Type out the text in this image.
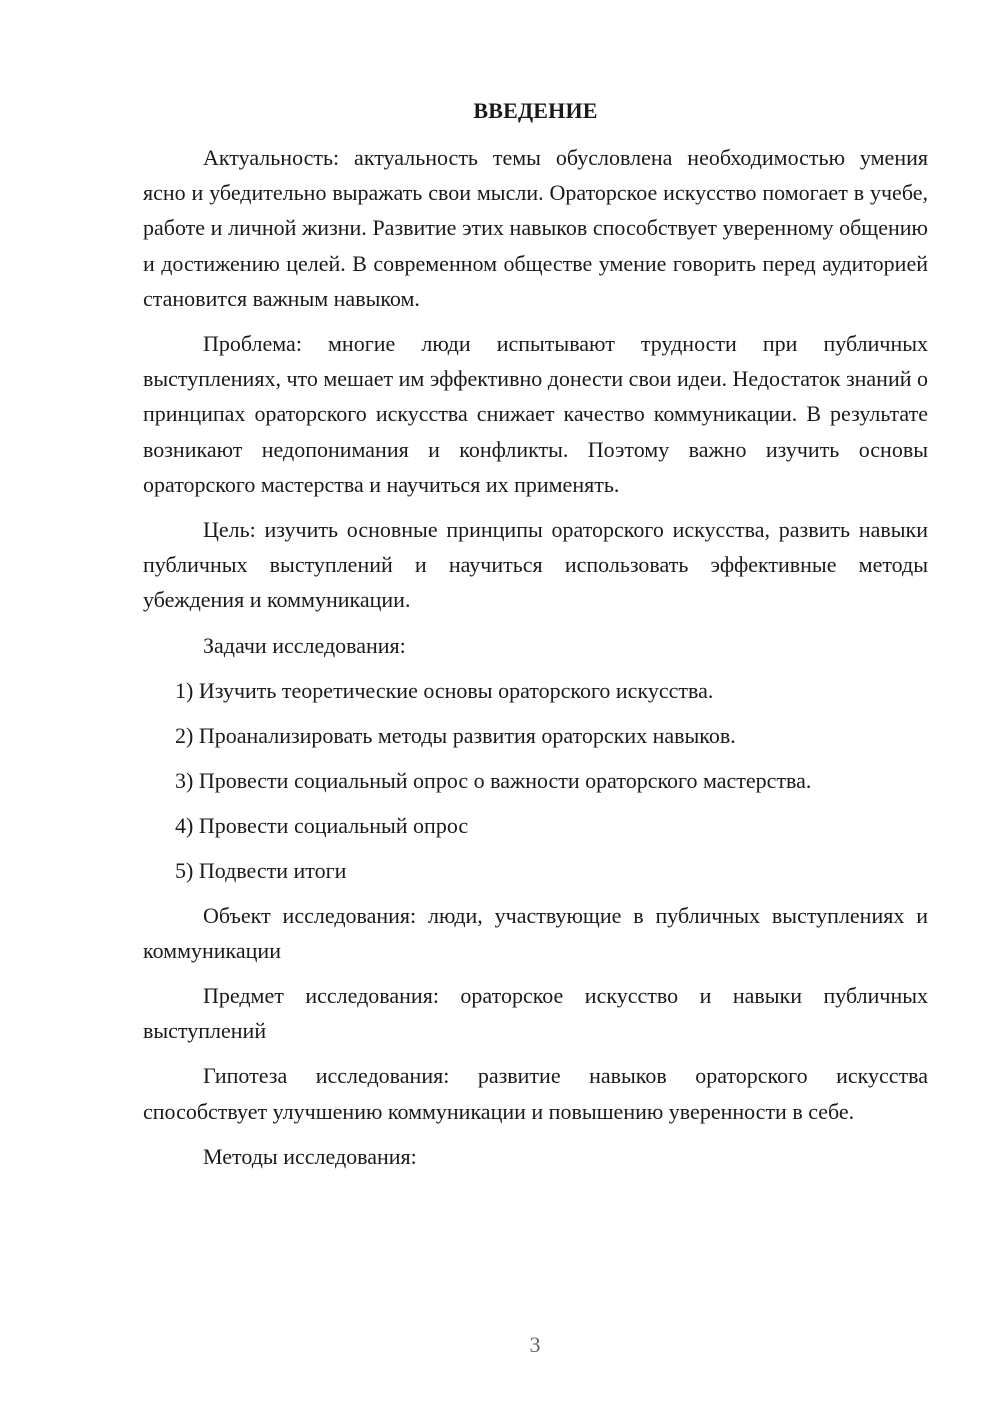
ВВЕДЕНИЕ

Актуальность: актуальность темы обусловлена необходимостью умения ясно и убедительно выражать свои мысли. Ораторское искусство помогает в учебе, работе и личной жизни. Развитие этих навыков способствует уверенному общению и достижению целей. В современном обществе умение говорить перед аудиторией становится важным навыком.

Проблема: многие люди испытывают трудности при публичных выступлениях, что мешает им эффективно донести свои идеи. Недостаток знаний о принципах ораторского искусства снижает качество коммуникации. В результате возникают недопонимания и конфликты. Поэтому важно изучить основы ораторского мастерства и научиться их применять.

Цель: изучить основные принципы ораторского искусства, развить навыки публичных выступлений и научиться использовать эффективные методы убеждения и коммуникации.

Задачи исследования:

1) Изучить теоретические основы ораторского искусства.

2) Проанализировать методы развития ораторских навыков.

3) Провести социальный опрос о важности ораторского мастерства.

4) Провести социальный опрос

5) Подвести итоги

Объект исследования: люди, участвующие в публичных выступлениях и коммуникации

Предмет исследования: ораторское искусство и навыки публичных выступлений

Гипотеза исследования: развитие навыков ораторского искусства способствует улучшению коммуникации и повышению уверенности в себе.

Методы исследования:

3
